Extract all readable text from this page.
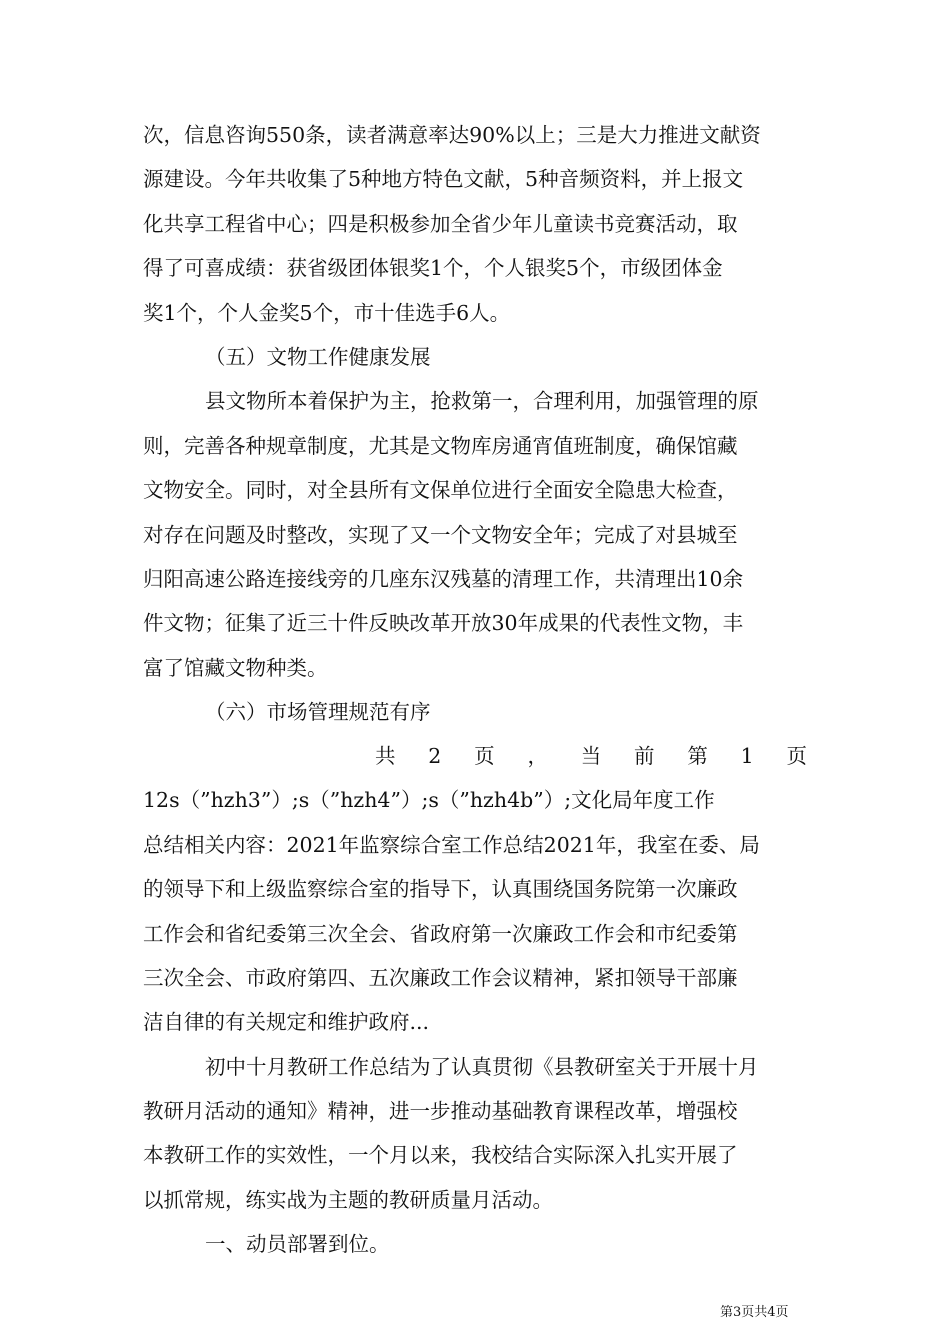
次，信息咨询550条，读者满意率达90%以上；三是大力推进文献资
源建设。今年共收集了5种地方特色文献，5种音频资料，并上报文
化共享工程省中心；四是积极参加全省少年儿童读书竞赛活动，取
得了可喜成绩：获省级团体银奖1个，个人银奖5个，市级团体金
奖1个，个人金奖5个，市十佳选手6人。
（五）文物工作健康发展
县文物所本着保护为主，抢救第一，合理利用，加强管理的原
则，完善各种规章制度，尤其是文物库房通宵值班制度，确保馆藏
文物安全。同时，对全县所有文保单位进行全面安全隐患大检查，
对存在问题及时整改，实现了又一个文物安全年；完成了对县城至
归阳高速公路连接线旁的几座东汉残墓的清理工作，共清理出10余
件文物；征集了近三十件反映改革开放30年成果的代表性文物，丰
富了馆藏文物种类。
（六）市场管理规范有序
共 2 页 ， 当 前 第 1 页
12s（”hzh3”）;s（”hzh4”）;s（”hzh4b”）;文化局年度工作
总结相关内容：2021年监察综合室工作总结2021年，我室在委、局
的领导下和上级监察综合室的指导下，认真围绕国务院第一次廉政
工作会和省纪委第三次全会、省政府第一次廉政工作会和市纪委第
三次全会、市政府第四、五次廉政工作会议精神，紧扣领导干部廉
洁自律的有关规定和维护政府...
初中十月教研工作总结为了认真贯彻《县教研室关于开展十月
教研月活动的通知》精神，进一步推动基础教育课程改革，增强校
本教研工作的实效性，一个月以来，我校结合实际深入扎实开展了
以抓常规，练实战为主题的教研质量月活动。
一、动员部署到位。
第3页共4页
